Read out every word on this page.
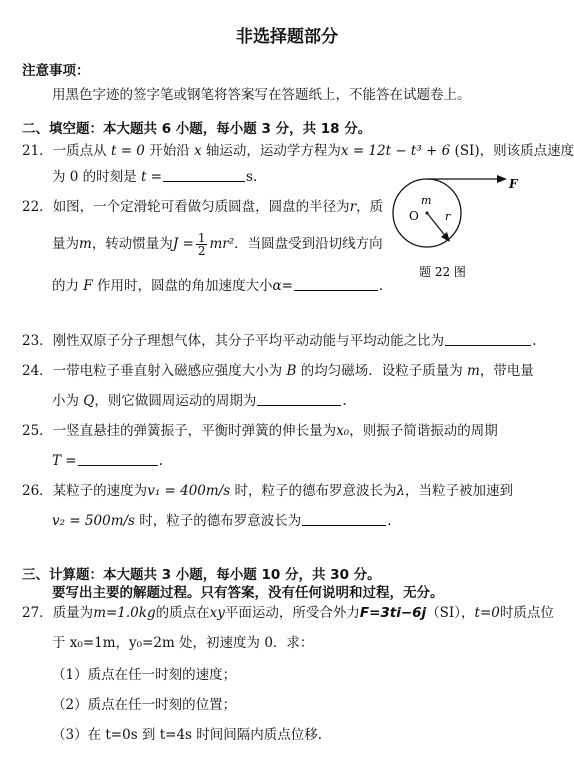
非选择题部分
注意事项：
用黑色字迹的签字笔或钢笔将答案写在答题纸上，不能答在试题卷上。
二、填空题：本大题共 6 小题，每小题 3 分，共 18 分。
21．一质点从 t = 0 开始沿 x 轴运动，运动学方程为x = 12t − t³ + 6 (SI)，则该质点速度
为 0 的时刻是 t =	s.
22．如图，一个定滑轮可看做匀质圆盘，圆盘的半径为r，质
量为m，转动惯量为$J = \frac{1}{2} mr^2$．当圆盘受到沿切线方向
的力 F 作用时，圆盘的角加速度大小α=	.
m
O r
F
题 22 图
23．刚性双原子分子理想气体，其分子平均平动动能与平均动能之比为	.
24．一带电粒子垂直射入磁感应强度大小为 B 的均匀磁场．设粒子质量为 m，带电量
小为 Q，则它做圆周运动的周期为	.
25．一竖直悬挂的弹簧振子，平衡时弹簧的伸长量为x₀，则振子简谐振动的周期
T =	.
26．某粒子的速度为v₁ = 400m/s 时，粒子的德布罗意波长为λ，当粒子被加速到
v₂ = 500m/s 时，粒子的德布罗意波长为	.
三、计算题：本大题共 3 小题，每小题 10 分，共 30 分。
要写出主要的解题过程。只有答案，没有任何说明和过程，无分。
27．质量为m=1.0kg的质点在xy平面运动，所受合外力F=3ti−6j（SI），t=0时质点位
于 x₀=1m，y₀=2m 处，初速度为 0．求：
（1）质点在任一时刻的速度；
（2）质点在任一时刻的位置；
（3）在 t=0s 到 t=4s 时间间隔内质点位移.
